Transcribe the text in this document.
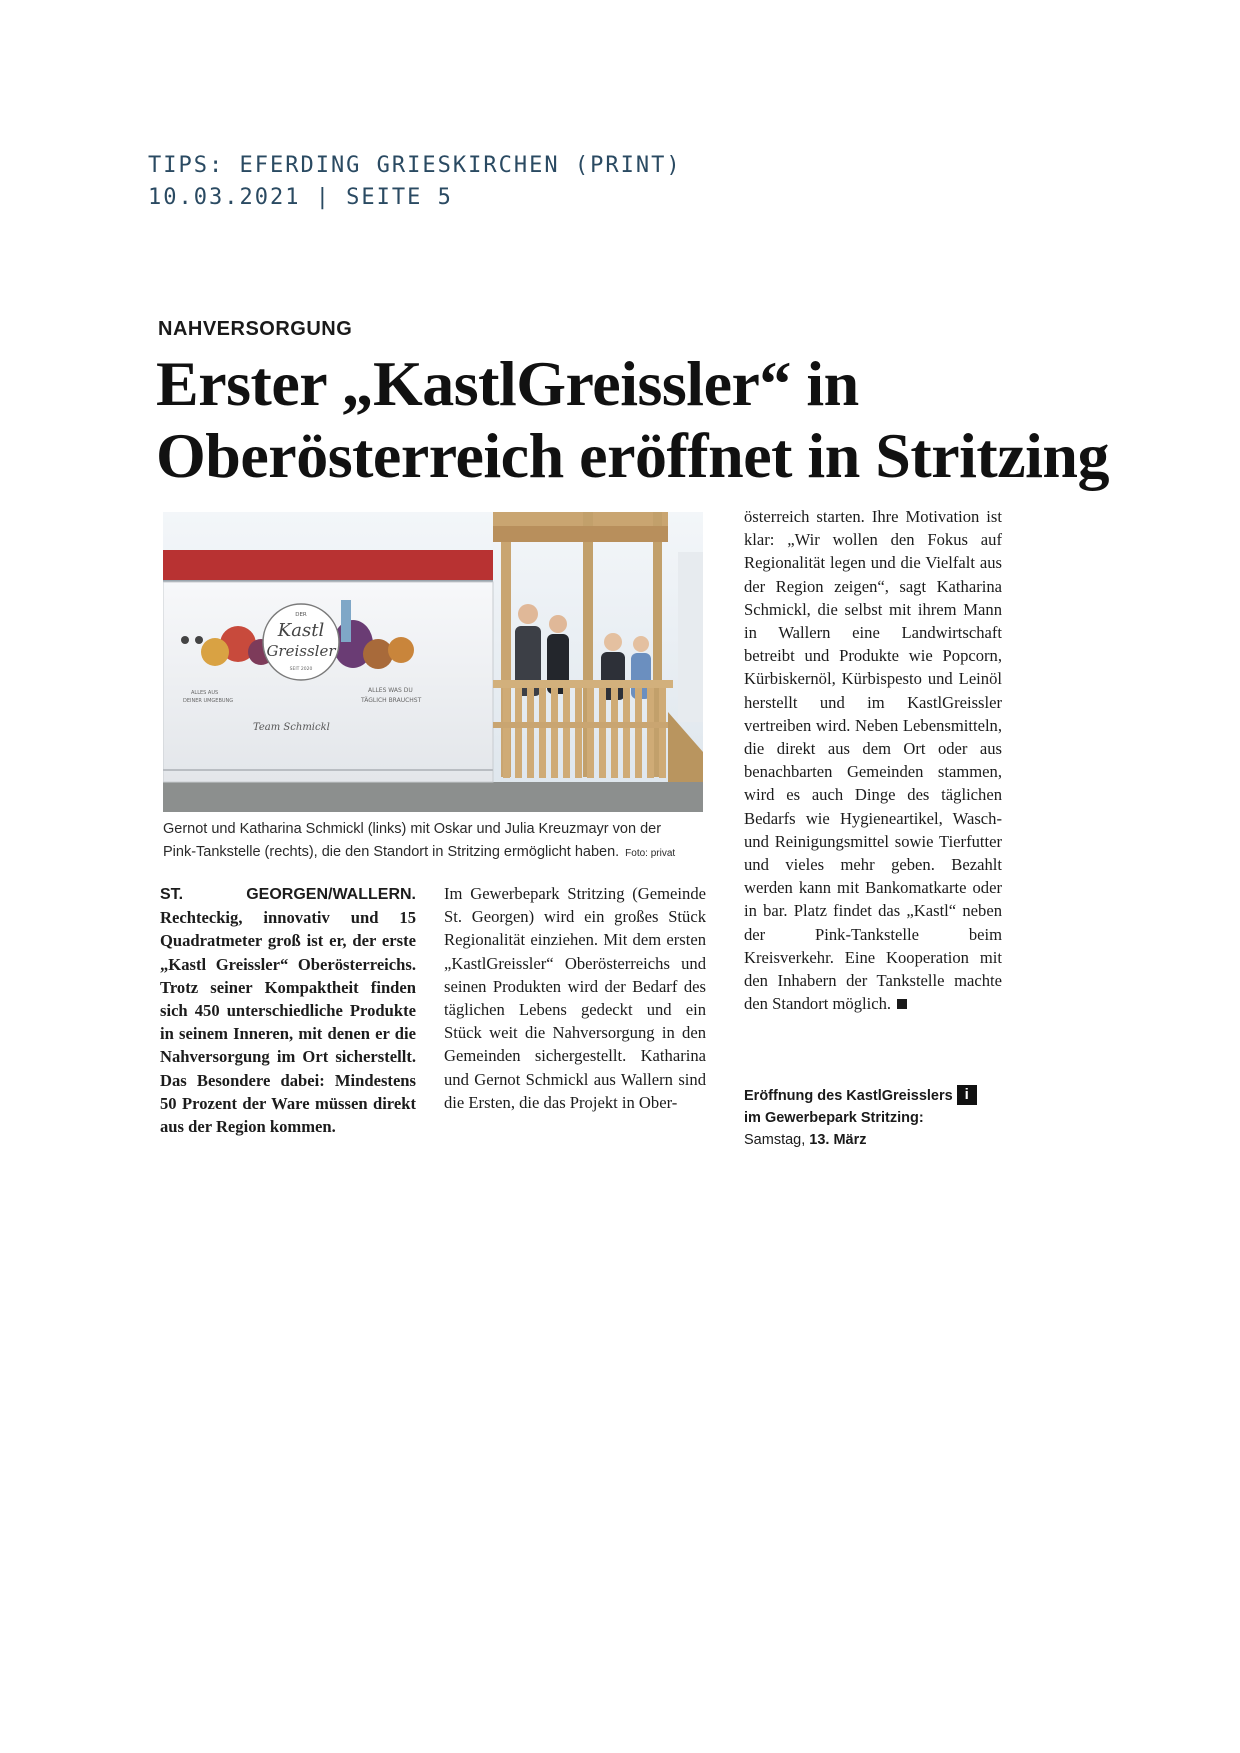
TIPS: EFERDING GRIESKIRCHEN (PRINT)
10.03.2021 | SEITE 5
NAHVERSORGUNG
Erster „KastlGreissler“ in
Oberösterreich eröffnet in Stritzing
DER
Kastl
Greissler
SEIT 2020
ALLES AUS
DEINER UMGEBUNG
ALLES WAS DU
TÄGLICH BRAUCHST
Team Schmickl
Gernot und Katharina Schmickl (links) mit Oskar und Julia Kreuzmayr von der
Pink-Tankstelle (rechts), die den Standort in Stritzing ermöglicht haben. Foto: privat
ST. GEORGEN/WALLERN. Rechteckig, innovativ und 15 Quadratmeter groß ist er, der erste „Kastl Greissler“ Oberösterreichs. Trotz seiner Kompaktheit finden sich 450 unterschiedliche Produkte in seinem Inneren, mit denen er die Nahversorgung im Ort sicherstellt. Das Besondere dabei: Mindestens 50 Prozent der Ware müssen direkt aus der Region kommen.
Im Gewerbepark Stritzing (Gemeinde St. Georgen) wird ein großes Stück Regionalität einziehen. Mit dem ersten „KastlGreissler“ Oberösterreichs und seinen Produkten wird der Bedarf des täglichen Lebens gedeckt und ein Stück weit die Nahversorgung in den Gemeinden sichergestellt. Katharina und Gernot Schmickl aus Wallern sind die Ersten, die das Projekt in Ober-
österreich starten. Ihre Motivation ist klar: „Wir wollen den Fokus auf Regionalität legen und die Vielfalt aus der Region zeigen“, sagt Katharina Schmickl, die selbst mit ihrem Mann in Wallern eine Landwirtschaft betreibt und Produkte wie Popcorn, Kürbiskernöl, Kürbispesto und Leinöl herstellt und im KastlGreissler vertreiben wird. Neben Lebensmitteln, die direkt aus dem Ort oder aus benachbarten Gemeinden stammen, wird es auch Dinge des täglichen Bedarfs wie Hygieneartikel, Wasch- und Reinigungsmittel sowie Tierfutter und vieles mehr geben. Bezahlt werden kann mit Bankomatkarte oder in bar. Platz findet das „Kastl“ neben der Pink-Tankstelle beim Kreisverkehr. Eine Kooperation mit den Inhabern der Tankstelle machte den Standort möglich.
Eröffnung des KastlGreisslers i
im Gewerbepark Stritzing:
Samstag, 13. März
